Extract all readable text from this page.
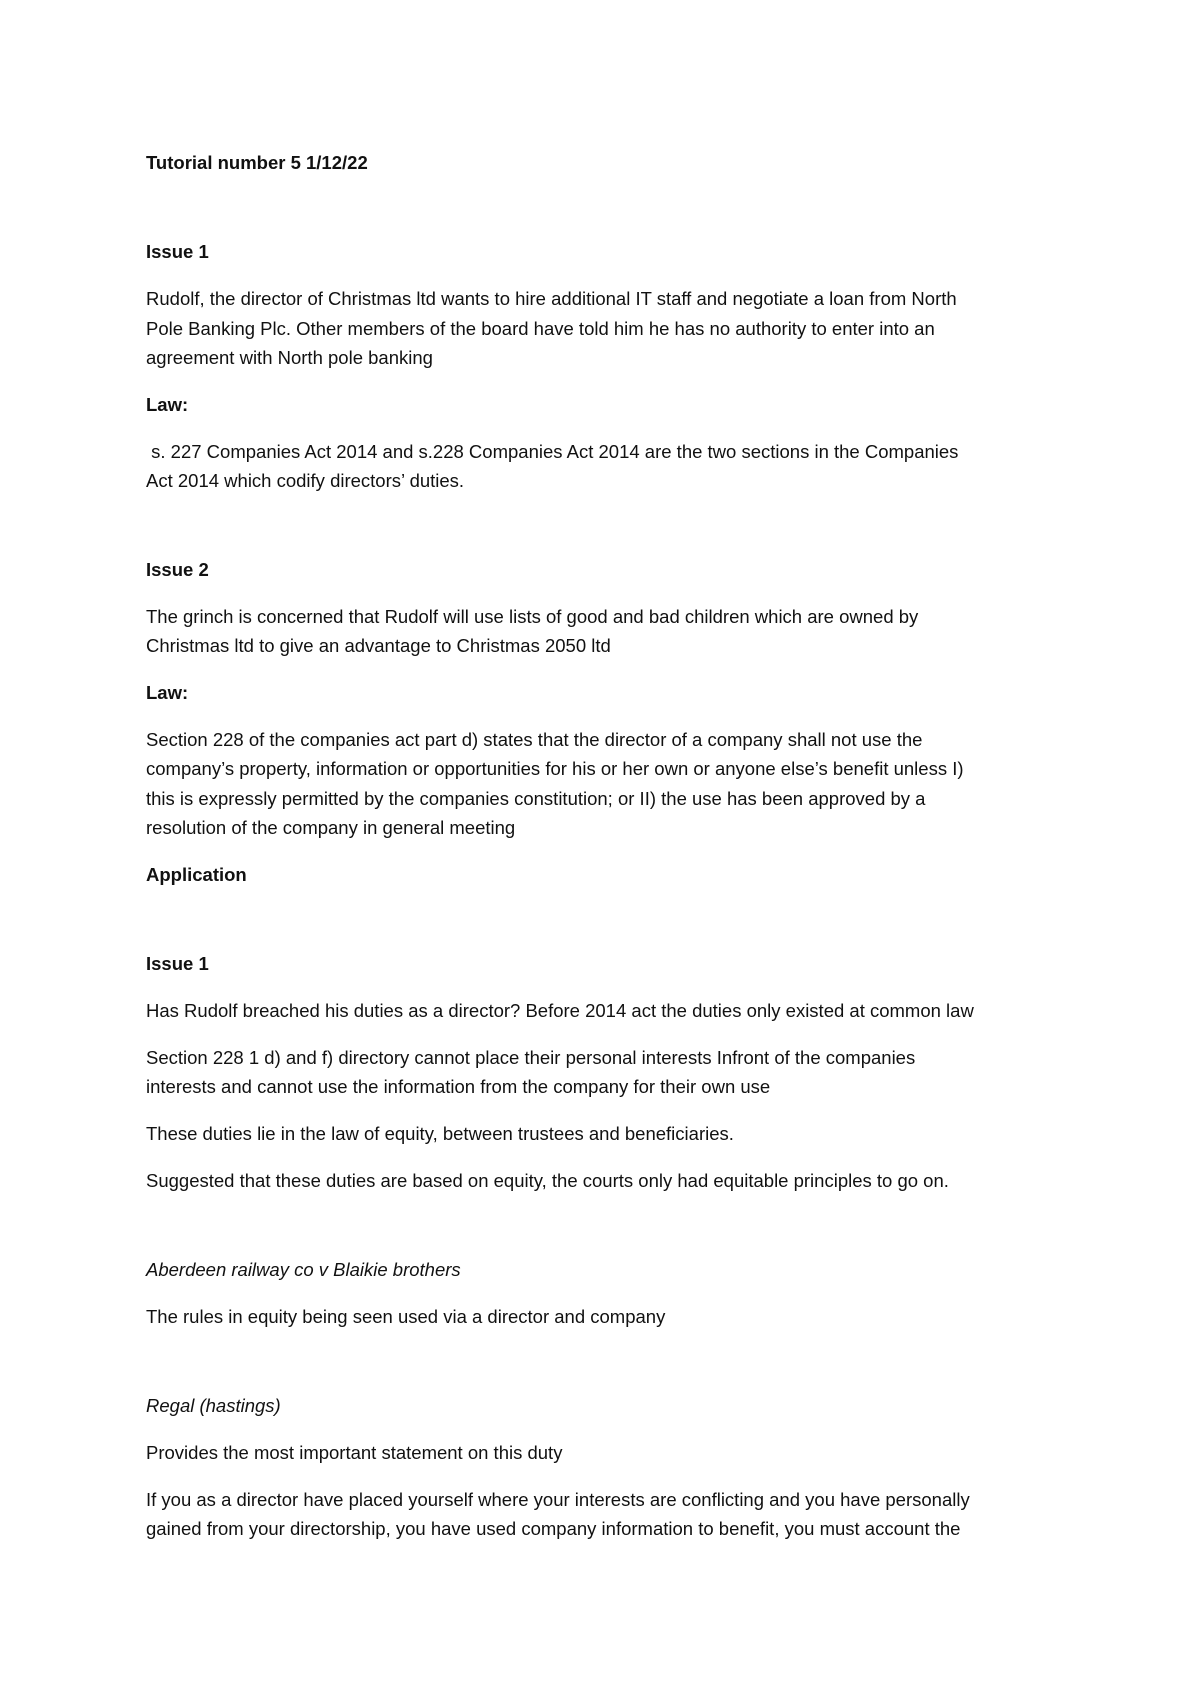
Tutorial number 5 1/12/22

Issue 1

Rudolf, the director of Christmas ltd wants to hire additional IT staff and negotiate a loan from North

Pole Banking Plc. Other members of the board have told him he has no authority to enter into an

agreement with North pole banking

Law:

s. 227 Companies Act 2014 and s.228 Companies Act 2014 are the two sections in the Companies

Act 2014 which codify directors’ duties.

Issue 2

The grinch is concerned that Rudolf will use lists of good and bad children which are owned by

Christmas ltd to give an advantage to Christmas 2050 ltd

Law:

Section 228 of the companies act part d) states that the director of a company shall not use the

company’s property, information or opportunities for his or her own or anyone else’s benefit unless I)

this is expressly permitted by the companies constitution; or II) the use has been approved by a

resolution of the company in general meeting

Application

Issue 1

Has Rudolf breached his duties as a director? Before 2014 act the duties only existed at common law

Section 228 1 d) and f) directory cannot place their personal interests Infront of the companies

interests and cannot use the information from the company for their own use

These duties lie in the law of equity, between trustees and beneficiaries.

Suggested that these duties are based on equity, the courts only had equitable principles to go on.

Aberdeen railway co v Blaikie brothers

The rules in equity being seen used via a director and company

Regal (hastings)

Provides the most important statement on this duty

If you as a director have placed yourself where your interests are conflicting and you have personally

gained from your directorship, you have used company information to benefit, you must account the
